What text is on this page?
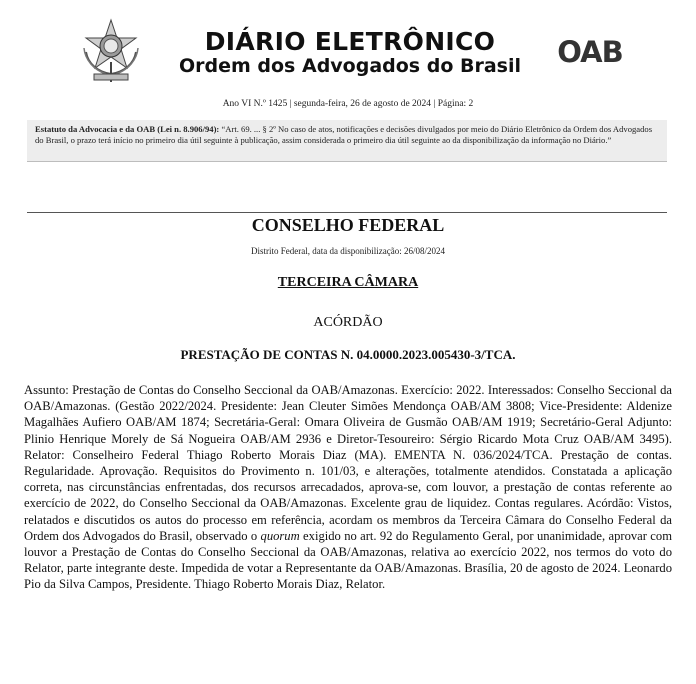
DIÁRIO ELETRÔNICO
Ordem dos Advogados do Brasil	OAB
Ano VI N.º 1425 | segunda-feira, 26 de agosto de 2024 | Página: 2
Estatuto da Advocacia e da OAB (Lei n. 8.906/94): “Art. 69. ... § 2º No caso de atos, notificações e decisões divulgados por meio do Diário Eletrônico da Ordem dos Advogados do Brasil, o prazo terá início no primeiro dia útil seguinte à publicação, assim considerada o primeiro dia útil seguinte ao da disponibilização da informação no Diário.”
CONSELHO FEDERAL
Distrito Federal, data da disponibilização: 26/08/2024
TERCEIRA CÂMARA
ACÓRDÃO
PRESTAÇÃO DE CONTAS N. 04.0000.2023.005430-3/TCA.
Assunto: Prestação de Contas do Conselho Seccional da OAB/Amazonas. Exercício: 2022. Interessados: Conselho Seccional da OAB/Amazonas. (Gestão 2022/2024. Presidente: Jean Cleuter Simões Mendonça OAB/AM 3808; Vice-Presidente: Aldenize Magalhães Aufiero OAB/AM 1874; Secretária-Geral: Omara Oliveira de Gusmão OAB/AM 1919; Secretário-Geral Adjunto: Plinio Henrique Morely de Sá Nogueira OAB/AM 2936 e Diretor-Tesoureiro: Sérgio Ricardo Mota Cruz OAB/AM 3495). Relator: Conselheiro Federal Thiago Roberto Morais Diaz (MA). EMENTA N. 036/2024/TCA. Prestação de contas. Regularidade. Aprovação. Requisitos do Provimento n. 101/03, e alterações, totalmente atendidos. Constatada a aplicação correta, nas circunstâncias enfrentadas, dos recursos arrecadados, aprova-se, com louvor, a prestação de contas referente ao exercício de 2022, do Conselho Seccional da OAB/Amazonas. Excelente grau de liquidez. Contas regulares. Acórdão: Vistos, relatados e discutidos os autos do processo em referência, acordam os membros da Terceira Câmara do Conselho Federal da Ordem dos Advogados do Brasil, observado o quorum exigido no art. 92 do Regulamento Geral, por unanimidade, aprovar com louvor a Prestação de Contas do Conselho Seccional da OAB/Amazonas, relativa ao exercício 2022, nos termos do voto do Relator, parte integrante deste. Impedida de votar a Representante da OAB/Amazonas. Brasília, 20 de agosto de 2024. Leonardo Pio da Silva Campos, Presidente. Thiago Roberto Morais Diaz, Relator.
